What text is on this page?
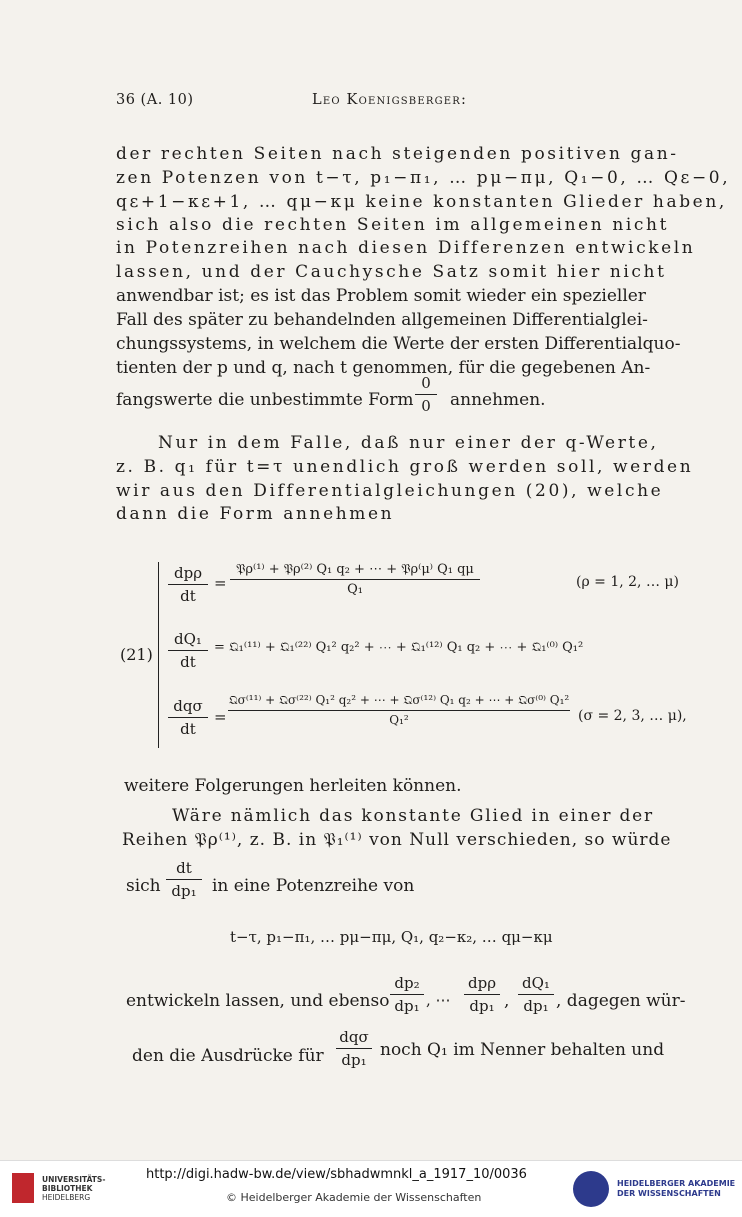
36 (A. 10)	Leo Koenigsberger:
der rechten Seiten nach steigenden positiven gan-
zen Potenzen von t−τ, p₁−π₁, … pμ−πμ, Q₁−0, … Qε−0,
qε+1−κε+1, … qμ−κμ keine konstanten Glieder haben,
sich also die rechten Seiten im allgemeinen nicht
in Potenzreihen nach diesen Differenzen entwickeln
lassen, und der Cauchysche Satz somit hier nicht
anwendbar ist; es ist das Problem somit wieder ein spezieller
Fall des später zu behandelnden allgemeinen Differentialglei-
chungssystems, in welchem die Werte der ersten Differentialquo-
tienten der p und q, nach t genommen, für die gegebenen An-
fangswerte die unbestimmte Form
0
0	annehmen.
Nur in dem Falle, daß nur einer der q-Werte,
z. B. q₁ für t=τ unendlich groß werden soll, werden
wir aus den Differentialgleichungen (20), welche
dann die Form annehmen
(21)
dpρ
dt
=
𝔓ρ⁽¹⁾ + 𝔓ρ⁽²⁾ Q₁ q₂ + ⋯ + 𝔓ρ⁽μ⁾ Q₁ qμ
Q₁	(ρ = 1, 2, … μ)
dQ₁
dt
= 𝔔₁⁽¹¹⁾ + 𝔔₁⁽²²⁾ Q₁² q₂² + ⋯ + 𝔔₁⁽¹²⁾ Q₁ q₂ + ⋯ + 𝔔₁⁽⁰⁾ Q₁²
dqσ
dt
=
𝔔σ⁽¹¹⁾ + 𝔔σ⁽²²⁾ Q₁² q₂² + ⋯ + 𝔔σ⁽¹²⁾ Q₁ q₂ + ⋯ + 𝔔σ⁽⁰⁾ Q₁²
Q₁²	(σ = 2, 3, … μ),
weitere Folgerungen herleiten können.
Wäre nämlich das konstante Glied in einer der
Reihen 𝔓ρ⁽¹⁾, z. B. in 𝔓₁⁽¹⁾ von Null verschieden, so würde
sich
dt
dp₁ in eine Potenzreihe von
t−τ, p₁−π₁, … pμ−πμ, Q₁, q₂−κ₂, … qμ−κμ
entwickeln lassen, und ebenso
dp₂
dp₁ , ⋯
dpρ
dp₁ ,
dQ₁
dp₁ , dagegen wür-
den die Ausdrücke für
dqσ
dp₁ noch Q₁ im Nenner behalten und
UNIVERSITÄTS-
BIBLIOTHEK
HEIDELBERG
http://digi.hadw-bw.de/view/sbhadwmnkl_a_1917_10/0036
© Heidelberger Akademie der Wissenschaften
HEIDELBERGER AKADEMIE
DER WISSENSCHAFTEN
